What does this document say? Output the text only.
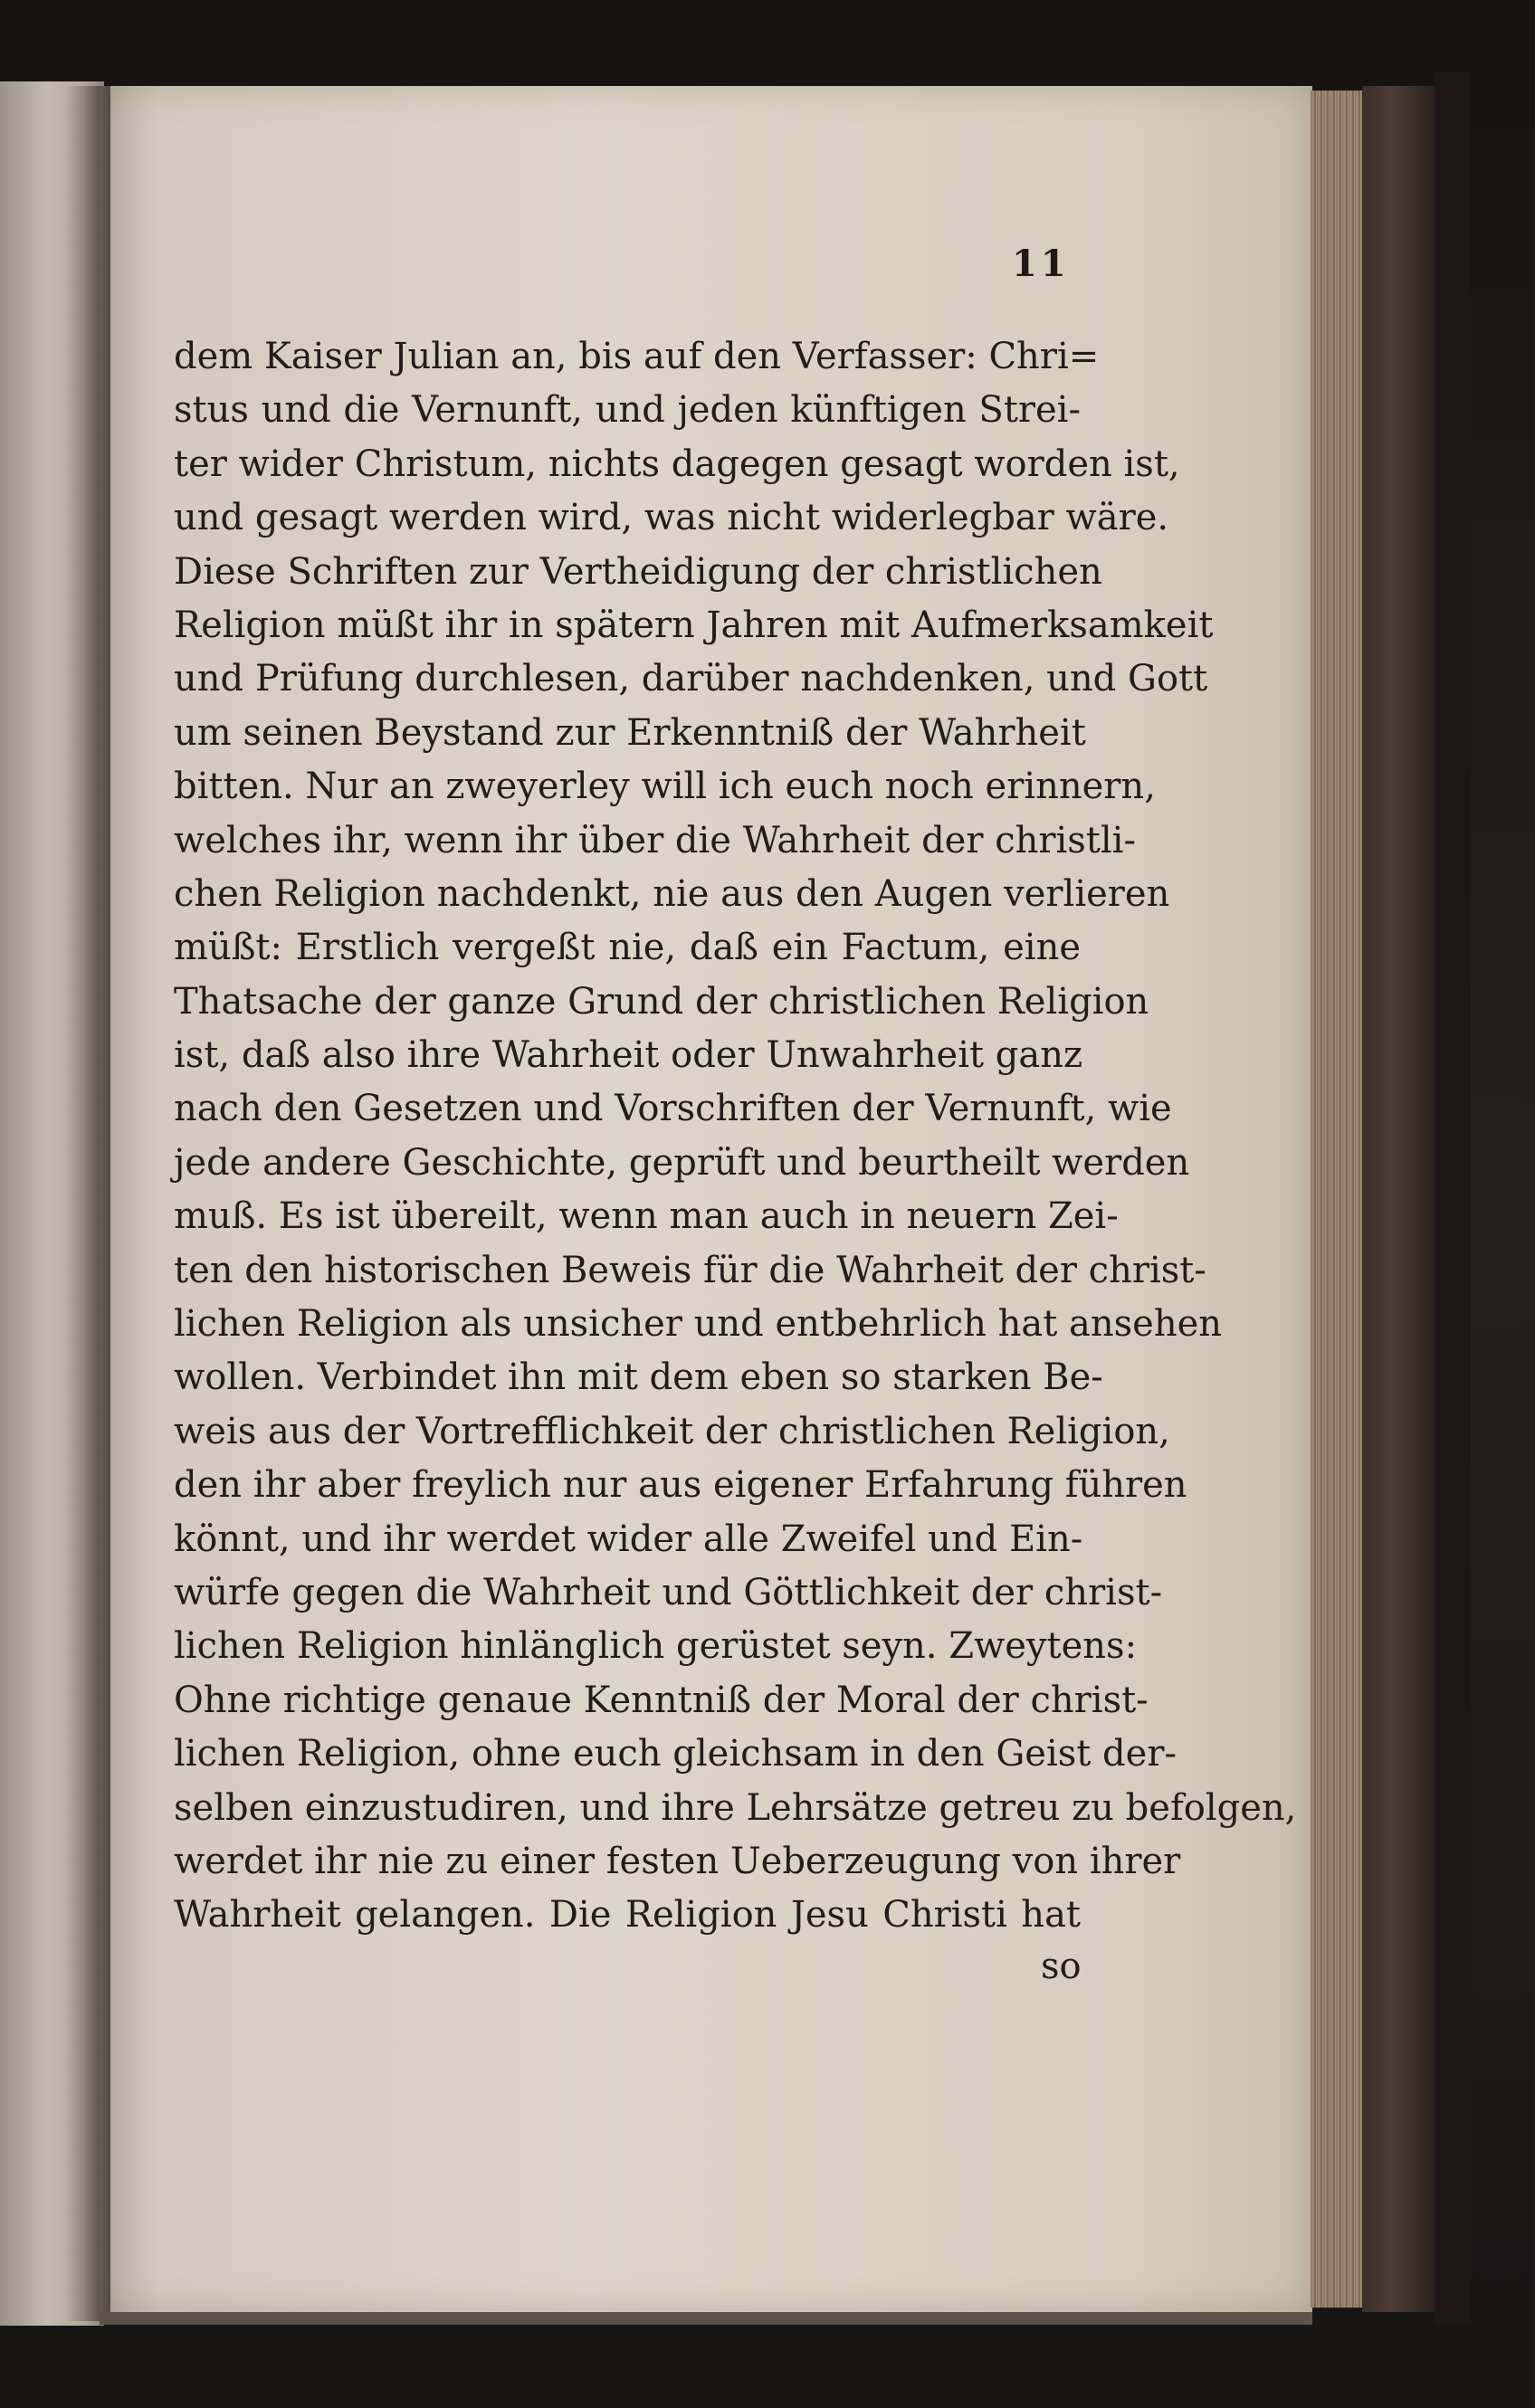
11
dem Kaiser Julian an, bis auf den Verfasser: Chri=
stus und die Vernunft, und jeden künftigen Strei-
ter wider Christum, nichts dagegen gesagt worden ist,
und gesagt werden wird, was nicht widerlegbar wäre.
Diese Schriften zur Vertheidigung der christlichen
Religion müßt ihr in spätern Jahren mit Aufmerksamkeit
und Prüfung durchlesen, darüber nachdenken, und Gott
um seinen Beystand zur Erkenntniß der Wahrheit
bitten. Nur an zweyerley will ich euch noch erinnern,
welches ihr, wenn ihr über die Wahrheit der christli-
chen Religion nachdenkt, nie aus den Augen verlieren
müßt: Erstlich vergeßt nie, daß ein Factum, eine
Thatsache der ganze Grund der christlichen Religion
ist, daß also ihre Wahrheit oder Unwahrheit ganz
nach den Gesetzen und Vorschriften der Vernunft, wie
jede andere Geschichte, geprüft und beurtheilt werden
muß. Es ist übereilt, wenn man auch in neuern Zei-
ten den historischen Beweis für die Wahrheit der christ-
lichen Religion als unsicher und entbehrlich hat ansehen
wollen. Verbindet ihn mit dem eben so starken Be-
weis aus der Vortrefflichkeit der christlichen Religion,
den ihr aber freylich nur aus eigener Erfahrung führen
könnt, und ihr werdet wider alle Zweifel und Ein-
würfe gegen die Wahrheit und Göttlichkeit der christ-
lichen Religion hinlänglich gerüstet seyn. Zweytens:
Ohne richtige genaue Kenntniß der Moral der christ-
lichen Religion, ohne euch gleichsam in den Geist der-
selben einzustudiren, und ihre Lehrsätze getreu zu befolgen,
werdet ihr nie zu einer festen Ueberzeugung von ihrer
Wahrheit gelangen. Die Religion Jesu Christi hat
so
